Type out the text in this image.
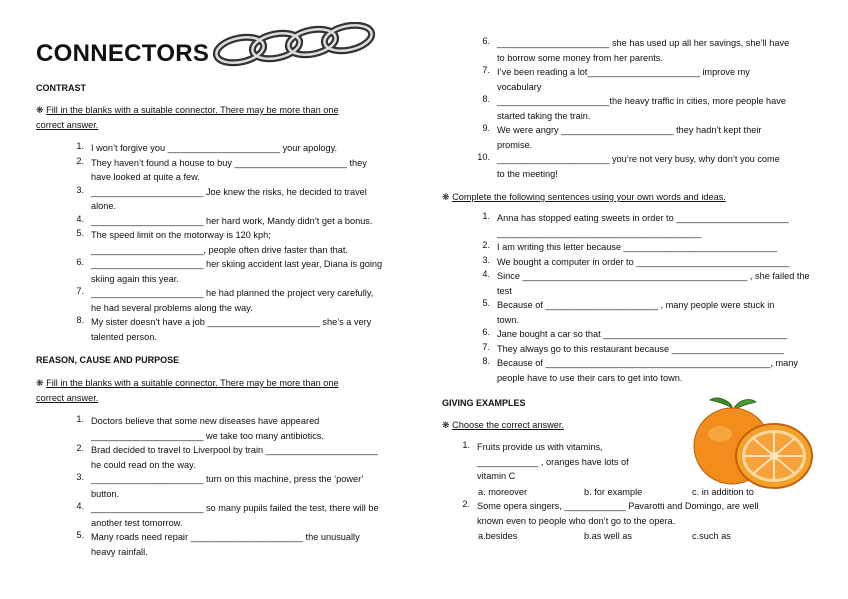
CONNECTORS
CONTRAST
❋ Fill in the blanks with a suitable connector. There may be more than one
correct answer.
1. I won’t forgive you ______________________ your apology.
2. They haven’t found a house to buy ______________________ they
have looked at quite a few.
3. ______________________ Joe knew the risks, he decided to travel
alone.
4. ______________________ her hard work, Mandy didn’t get a bonus.
5. The speed limit on the motorway is 120 kph;
______________________, people often drive faster than that.
6. ______________________ her skiing accident last year, Diana is going
skiing again this year.
7. ______________________ he had planned the project very carefully,
he had several problems along the way.
8. My sister doesn’t have a job ______________________ she’s a very
talented person.
REASON, CAUSE AND PURPOSE
❋ Fill in the blanks with a suitable connector. There may be more than one
correct answer.
1. Doctors believe that some new diseases have appeared
______________________ we take too many antibiotics.
2. Brad decided to travel to Liverpool by train ______________________
he could read on the way.
3. ______________________ turn on this machine, press the ‘power’
button.
4. ______________________ so many pupils failed the test, there will be
another test tomorrow.
5. Many roads need repair ______________________ the unusually
heavy rainfall.
6. ______________________ she has used up all her savings, she’ll have
to borrow some money from her parents.
7. I’ve been reading a lot______________________ improve my
vocabulary
8. ______________________the heavy traffic in cities, more people have
started taking the train.
9. We were angry ______________________ they hadn’t kept their
promise.
10. ______________________ you’re not very busy, why don’t you come
to the meeting!
❋ Complete the following sentences using your own words and ideas.
1. Anna has stopped eating sweets in order to ______________________
________________________________________
2. I am writing this letter because ______________________________
3. We bought a computer in order to ______________________________
4. Since ____________________________________________ , she failed the
test
5. Because of ______________________ , many people were stuck in
town.
6. Jane bought a car so that ____________________________________
7. They always go to this restaurant because ______________________
8. Because of ____________________________________________, many
people have to use their cars to get into town.
GIVING EXAMPLES
❋ Choose the correct answer.
1. Fruits provide us with vitamins,
____________ , oranges have lots of
vitamin C
a. moreover	b. for example	c. in addition to
2. Some opera singers, ____________ Pavarotti and Domingo, are well
known even to people who don’t go to the opera.
a.besides	b.as well as	c.such as
